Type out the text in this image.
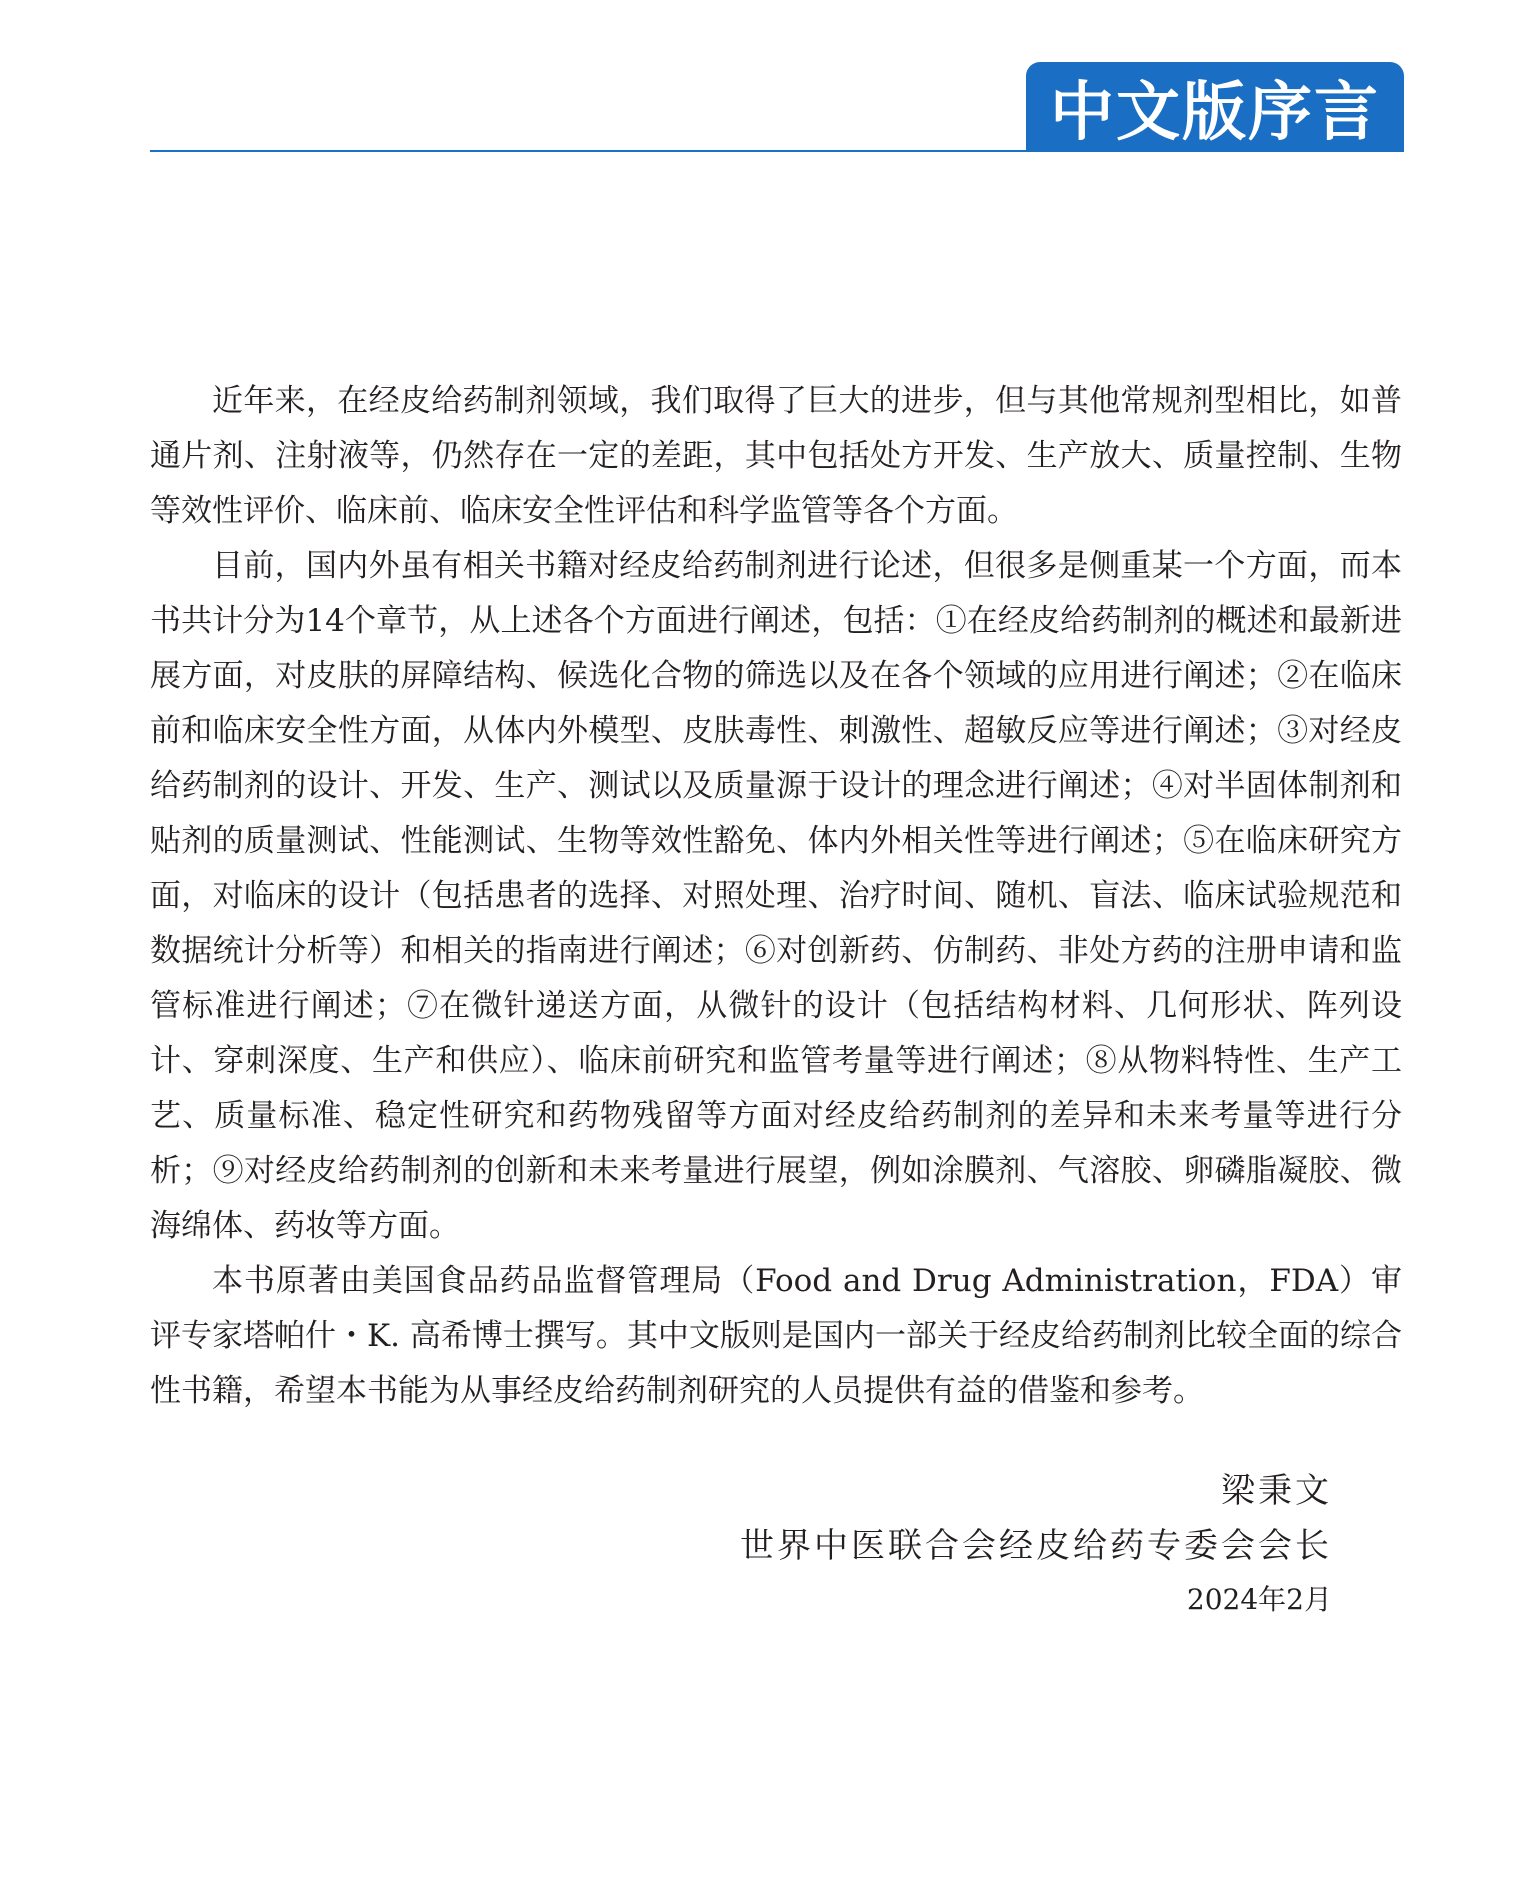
中文版序言

近年来，在经皮给药制剂领域，我们取得了巨大的进步，但与其他常规剂型相比，如普通片剂、注射液等，仍然存在一定的差距，其中包括处方开发、生产放大、质量控制、生物等效性评价、临床前、临床安全性评估和科学监管等各个方面。

目前，国内外虽有相关书籍对经皮给药制剂进行论述，但很多是侧重某一个方面，而本书共计分为14个章节，从上述各个方面进行阐述，包括：①在经皮给药制剂的概述和最新进展方面，对皮肤的屏障结构、候选化合物的筛选以及在各个领域的应用进行阐述；②在临床前和临床安全性方面，从体内外模型、皮肤毒性、刺激性、超敏反应等进行阐述；③对经皮给药制剂的设计、开发、生产、测试以及质量源于设计的理念进行阐述；④对半固体制剂和贴剂的质量测试、性能测试、生物等效性豁免、体内外相关性等进行阐述；⑤在临床研究方面，对临床的设计（包括患者的选择、对照处理、治疗时间、随机、盲法、临床试验规范和数据统计分析等）和相关的指南进行阐述；⑥对创新药、仿制药、非处方药的注册申请和监管标准进行阐述；⑦在微针递送方面，从微针的设计（包括结构材料、几何形状、阵列设计、穿刺深度、生产和供应）、临床前研究和监管考量等进行阐述；⑧从物料特性、生产工艺、质量标准、稳定性研究和药物残留等方面对经皮给药制剂的差异和未来考量等进行分析；⑨对经皮给药制剂的创新和未来考量进行展望，例如涂膜剂、气溶胶、卵磷脂凝胶、微海绵体、药妆等方面。

本书原著由美国食品药品监督管理局（Food and Drug Administration，FDA）审评专家塔帕什・K. 高希博士撰写。其中文版则是国内一部关于经皮给药制剂比较全面的综合性书籍，希望本书能为从事经皮给药制剂研究的人员提供有益的借鉴和参考。

梁秉文
世界中医联合会经皮给药专委会会长
2024年2月
